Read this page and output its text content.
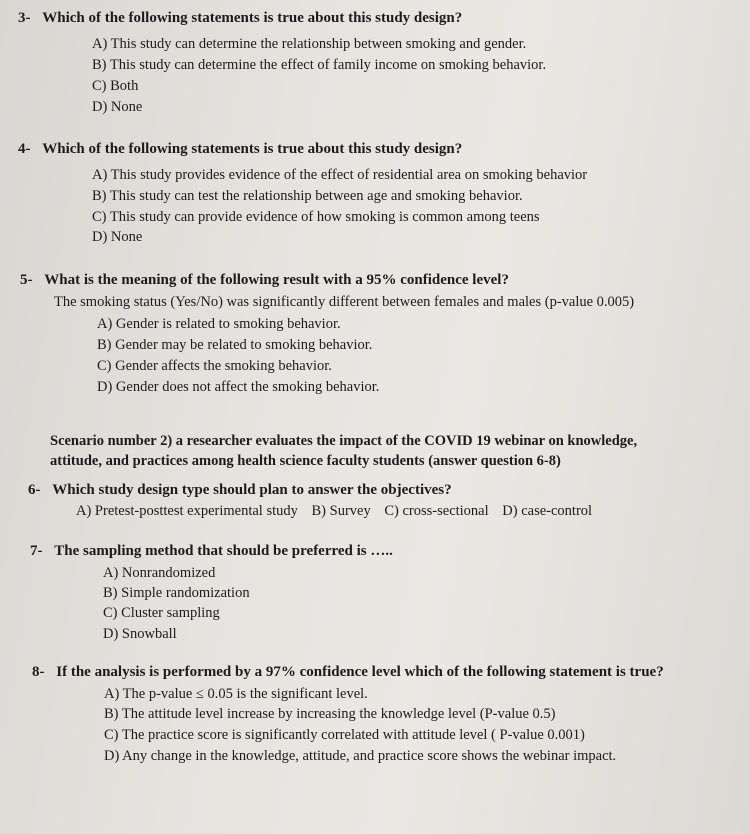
3- Which of the following statements is true about this study design?
A) This study can determine the relationship between smoking and gender.
B) This study can determine the effect of family income on smoking behavior.
C) Both
D) None
4- Which of the following statements is true about this study design?
A) This study provides evidence of the effect of residential area on smoking behavior
B) This study can test the relationship between age and smoking behavior.
C) This study can provide evidence of how smoking is common among teens
D) None
5- What is the meaning of the following result with a 95% confidence level?
The smoking status (Yes/No) was significantly different between females and males (p-value 0.005)
A) Gender is related to smoking behavior.
B) Gender may be related to smoking behavior.
C) Gender affects the smoking behavior.
D) Gender does not affect the smoking behavior.
Scenario number 2) a researcher evaluates the impact of the COVID 19 webinar on knowledge,
attitude, and practices among health science faculty students (answer question 6-8)
6- Which study design type should plan to answer the objectives?
A) Pretest-posttest experimental study B) Survey C) cross-sectional D) case-control
7- The sampling method that should be preferred is …..
A) Nonrandomized
B) Simple randomization
C) Cluster sampling
D) Snowball
8- If the analysis is performed by a 97% confidence level which of the following statement is true?
A) The p-value ≤ 0.05 is the significant level.
B) The attitude level increase by increasing the knowledge level (P-value 0.5)
C) The practice score is significantly correlated with attitude level ( P-value 0.001)
D) Any change in the knowledge, attitude, and practice score shows the webinar impact.
